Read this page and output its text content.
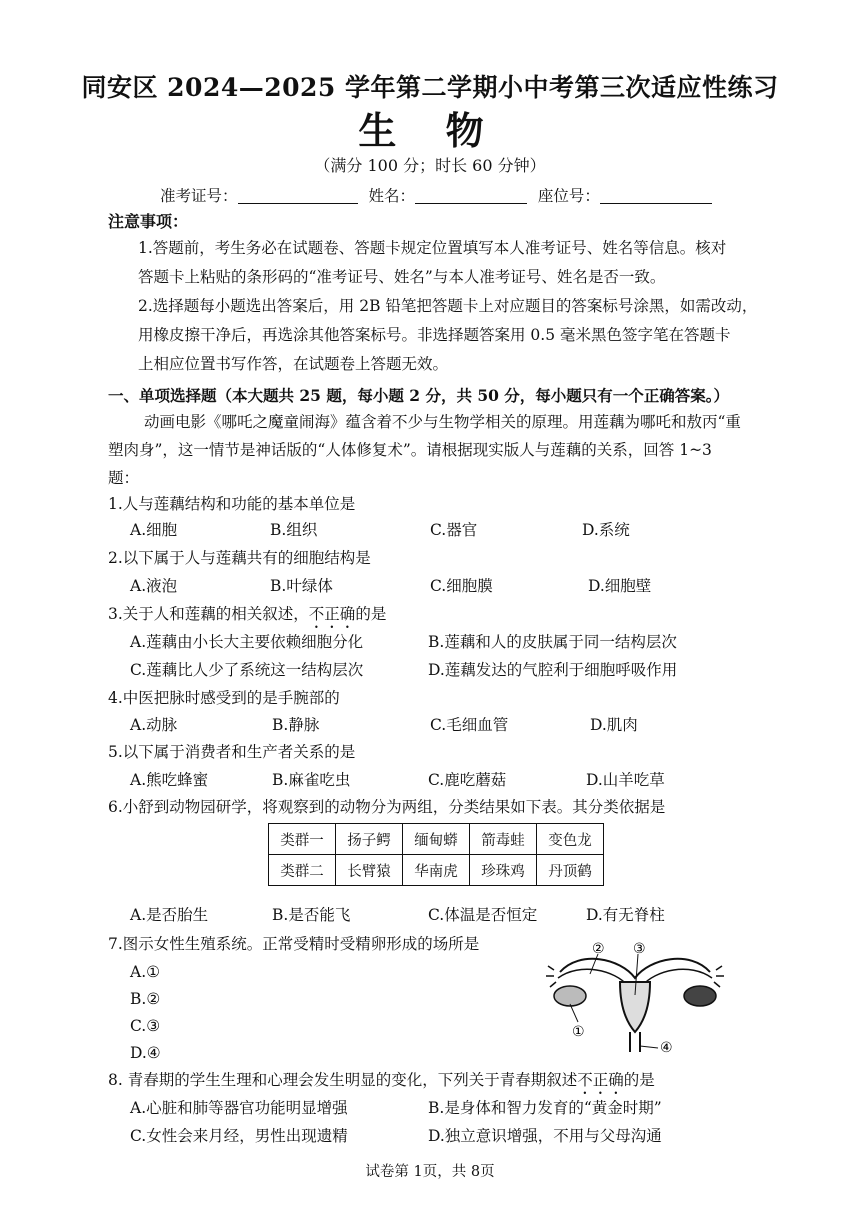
同安区 2024—2025 学年第二学期小中考第三次适应性练习
生 物
（满分 100 分；时长 60 分钟）
准考证号：	姓名：	座位号：
注意事项：
1.答题前，考生务必在试题卷、答题卡规定位置填写本人准考证号、姓名等信息。核对
答题卡上粘贴的条形码的“准考证号、姓名”与本人准考证号、姓名是否一致。
2.选择题每小题选出答案后，用 2B 铅笔把答题卡上对应题目的答案标号涂黑，如需改动，
用橡皮擦干净后，再选涂其他答案标号。非选择题答案用 0.5 毫米黑色签字笔在答题卡
上相应位置书写作答，在试题卷上答题无效。
一、单项选择题（本大题共 25 题，每小题 2 分，共 50 分，每小题只有一个正确答案。）
动画电影《哪吒之魔童闹海》蕴含着不少与生物学相关的原理。用莲藕为哪吒和敖丙“重
塑肉身”，这一情节是神话版的“人体修复术”。请根据现实版人与莲藕的关系，回答 1~3
题：
1.人与莲藕结构和功能的基本单位是
A.细胞	B.组织	C.器官	D.系统
2.以下属于人与莲藕共有的细胞结构是
A.液泡	B.叶绿体	C.细胞膜	D.细胞壁
3.关于人和莲藕的相关叙述，不正确的是
A.莲藕由小长大主要依赖细胞分化	B.莲藕和人的皮肤属于同一结构层次
C.莲藕比人少了系统这一结构层次	D.莲藕发达的气腔利于细胞呼吸作用
4.中医把脉时感受到的是手腕部的
A.动脉	B.静脉	C.毛细血管	D.肌肉
5.以下属于消费者和生产者关系的是
A.熊吃蜂蜜	B.麻雀吃虫	C.鹿吃蘑菇	D.山羊吃草
6.小舒到动物园研学，将观察到的动物分为两组，分类结果如下表。其分类依据是
类群一	扬子鳄	缅甸蟒	箭毒蛙	变色龙
类群二	长臂猿	华南虎	珍珠鸡	丹顶鹤
A.是否胎生	B.是否能飞	C.体温是否恒定	D.有无脊柱
7.图示女性生殖系统。正常受精时受精卵形成的场所是
A.①
B.②
C.③
D.④
② ③
①
④
8. 青春期的学生生理和心理会发生明显的变化，下列关于青春期叙述不正确的是
A.心脏和肺等器官功能明显增强	B.是身体和智力发育的“黄金时期”
C.女性会来月经，男性出现遗精	D.独立意识增强，不用与父母沟通
试卷第 1页，共 8页
